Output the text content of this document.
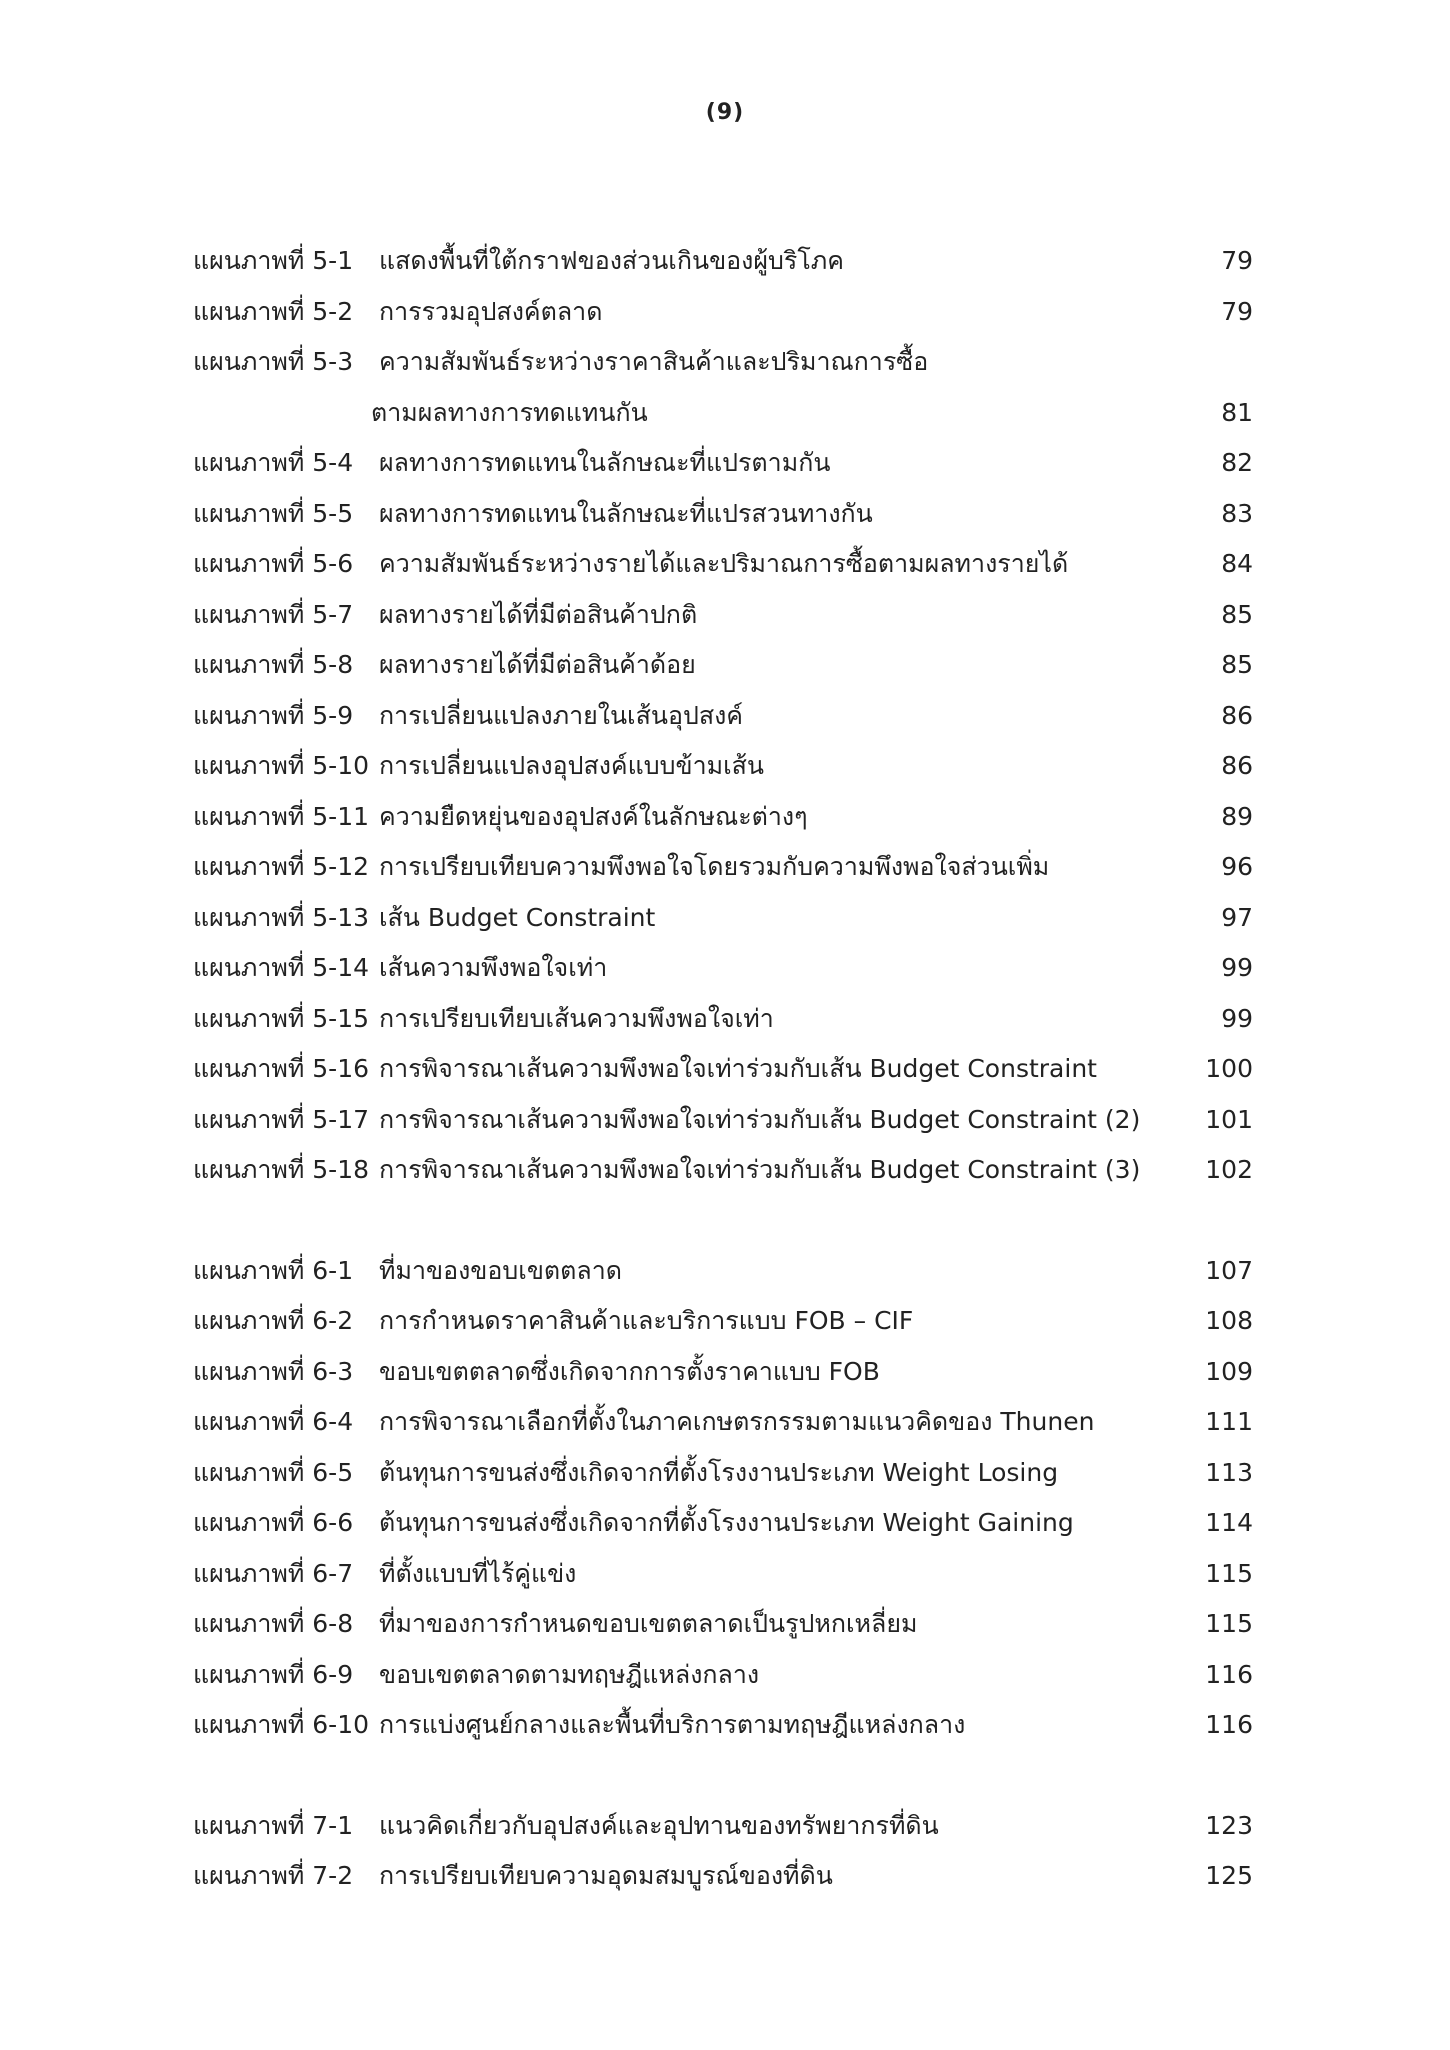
(9)
แผนภาพที่ 5-1	แสดงพื้นที่ใต้กราฟของส่วนเกินของผู้บริโภค	79
แผนภาพที่ 5-2	การรวมอุปสงค์ตลาด	79
แผนภาพที่ 5-3	ความสัมพันธ์ระหว่างราคาสินค้าและปริมาณการซื้อ
ตามผลทางการทดแทนกัน	81
แผนภาพที่ 5-4	ผลทางการทดแทนในลักษณะที่แปรตามกัน	82
แผนภาพที่ 5-5	ผลทางการทดแทนในลักษณะที่แปรสวนทางกัน	83
แผนภาพที่ 5-6	ความสัมพันธ์ระหว่างรายได้และปริมาณการซื้อตามผลทางรายได้	84
แผนภาพที่ 5-7	ผลทางรายได้ที่มีต่อสินค้าปกติ	85
แผนภาพที่ 5-8	ผลทางรายได้ที่มีต่อสินค้าด้อย	85
แผนภาพที่ 5-9	การเปลี่ยนแปลงภายในเส้นอุปสงค์	86
แผนภาพที่ 5-10 การเปลี่ยนแปลงอุปสงค์แบบข้ามเส้น	86
แผนภาพที่ 5-11 ความยืดหยุ่นของอุปสงค์ในลักษณะต่างๆ	89
แผนภาพที่ 5-12 การเปรียบเทียบความพึงพอใจโดยรวมกับความพึงพอใจส่วนเพิ่ม	96
แผนภาพที่ 5-13 เส้น Budget Constraint	97
แผนภาพที่ 5-14 เส้นความพึงพอใจเท่า	99
แผนภาพที่ 5-15 การเปรียบเทียบเส้นความพึงพอใจเท่า	99
แผนภาพที่ 5-16 การพิจารณาเส้นความพึงพอใจเท่าร่วมกับเส้น Budget Constraint	100
แผนภาพที่ 5-17 การพิจารณาเส้นความพึงพอใจเท่าร่วมกับเส้น Budget Constraint (2)	101
แผนภาพที่ 5-18 การพิจารณาเส้นความพึงพอใจเท่าร่วมกับเส้น Budget Constraint (3)	102
แผนภาพที่ 6-1	ที่มาของขอบเขตตลาด	107
แผนภาพที่ 6-2	การกำหนดราคาสินค้าและบริการแบบ FOB – CIF	108
แผนภาพที่ 6-3	ขอบเขตตลาดซึ่งเกิดจากการตั้งราคาแบบ FOB	109
แผนภาพที่ 6-4	การพิจารณาเลือกที่ตั้งในภาคเกษตรกรรมตามแนวคิดของ Thunen	111
แผนภาพที่ 6-5	ต้นทุนการขนส่งซึ่งเกิดจากที่ตั้งโรงงานประเภท Weight Losing	113
แผนภาพที่ 6-6	ต้นทุนการขนส่งซึ่งเกิดจากที่ตั้งโรงงานประเภท Weight Gaining	114
แผนภาพที่ 6-7	ที่ตั้งแบบที่ไร้คู่แข่ง	115
แผนภาพที่ 6-8	ที่มาของการกำหนดขอบเขตตลาดเป็นรูปหกเหลี่ยม	115
แผนภาพที่ 6-9	ขอบเขตตลาดตามทฤษฎีแหล่งกลาง	116
แผนภาพที่ 6-10 การแบ่งศูนย์กลางและพื้นที่บริการตามทฤษฎีแหล่งกลาง	116
แผนภาพที่ 7-1	แนวคิดเกี่ยวกับอุปสงค์และอุปทานของทรัพยากรที่ดิน	123
แผนภาพที่ 7-2	การเปรียบเทียบความอุดมสมบูรณ์ของที่ดิน	125
